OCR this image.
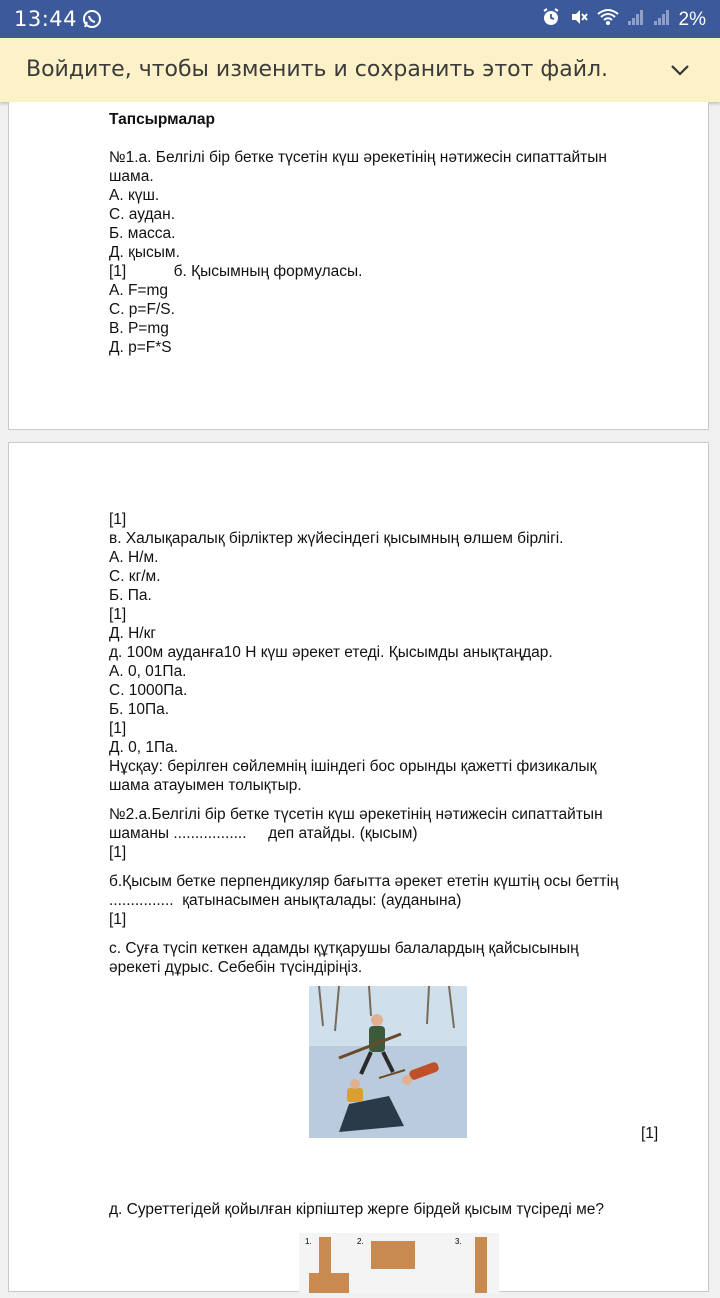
13:44	2%
Войдите, чтобы изменить и сохранить этот файл.
Тапсырмалар
№1.а. Белгілі бір бетке түсетін күш әрекетінің нәтижесін сипаттайтын
шама.
А. күш.
С. аудан.
Б. масса.
Д. қысым.
[1]           б. Қысымның формуласы.
А. F=mg
С. p=F/S.
В. P=mg
Д. p=F*S
[1]
в. Халықаралық бірліктер жүйесіндегі қысымның өлшем бірлігі.
А. Н/м.
С. кг/м.
Б. Па.
[1]
Д. Н/кг
д. 100м ауданға10 Н күш әрекет етеді. Қысымды анықтаңдар.
А. 0, 01Па.
С. 1000Па.
Б. 10Па.
[1]
Д. 0, 1Па.
Нұсқау: берілген сөйлемнің ішіндегі бос орынды қажетті физикалық
шама атауымен толықтыр.
№2.а.Белгілі бір бетке түсетін күш әрекетінің нәтижесін сипаттайтын
шаманы .................     деп атайды. (қысым)
[1]
б.Қысым бетке перпендикуляр бағытта әрекет ететін күштің осы беттің
...............  қатынасымен анықталады: (ауданына)
[1]
с. Суға түсіп кеткен адамды құтқарушы балалардың қайсысының
әрекеті дұрыс. Себебін түсіндіріңіз.
[1]
д. Суреттегідей қойылған кірпіштер жерге бірдей қысым түсіреді ме?
1.	2.	3.
